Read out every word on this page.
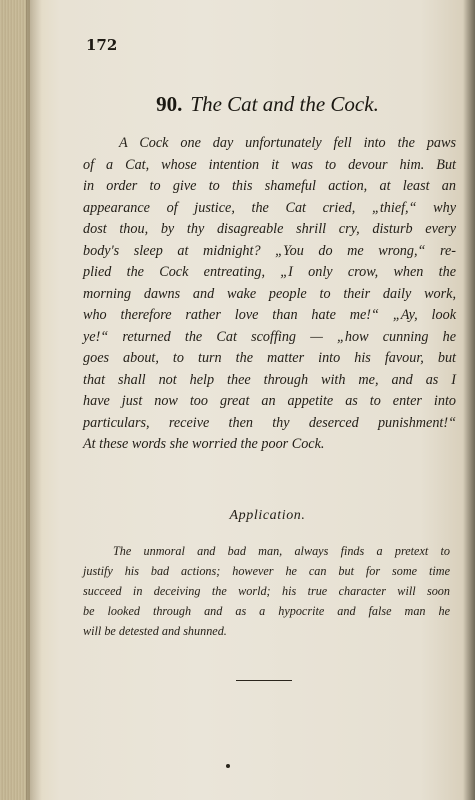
172
90. The Cat and the Cock.
A Cock one day unfortunately fell into the paws
of a Cat, whose intention it was to devour him. But
in order to give to this shameful action, at least an
appearance of justice, the Cat cried, „thief,“ why
dost thou, by thy disagreable shrill cry, disturb every
body's sleep at midnight? „You do me wrong,“ re-
plied the Cock entreating, „I only crow, when the
morning dawns and wake people to their daily work,
who therefore rather love than hate me!“ „Ay, look
ye!“ returned the Cat scoffing — „how cunning he
goes about, to turn the matter into his favour, but
that shall not help thee through with me, and as I
have just now too great an appetite as to enter into
particulars, receive then thy deserced punishment!“
At these words she worried the poor Cock.
Application.
The unmoral and bad man, always finds a pretext to
justify his bad actions; however he can but for some time
succeed in deceiving the world; his true character will soon
be looked through and as a hypocrite and false man he
will be detested and shunned.
